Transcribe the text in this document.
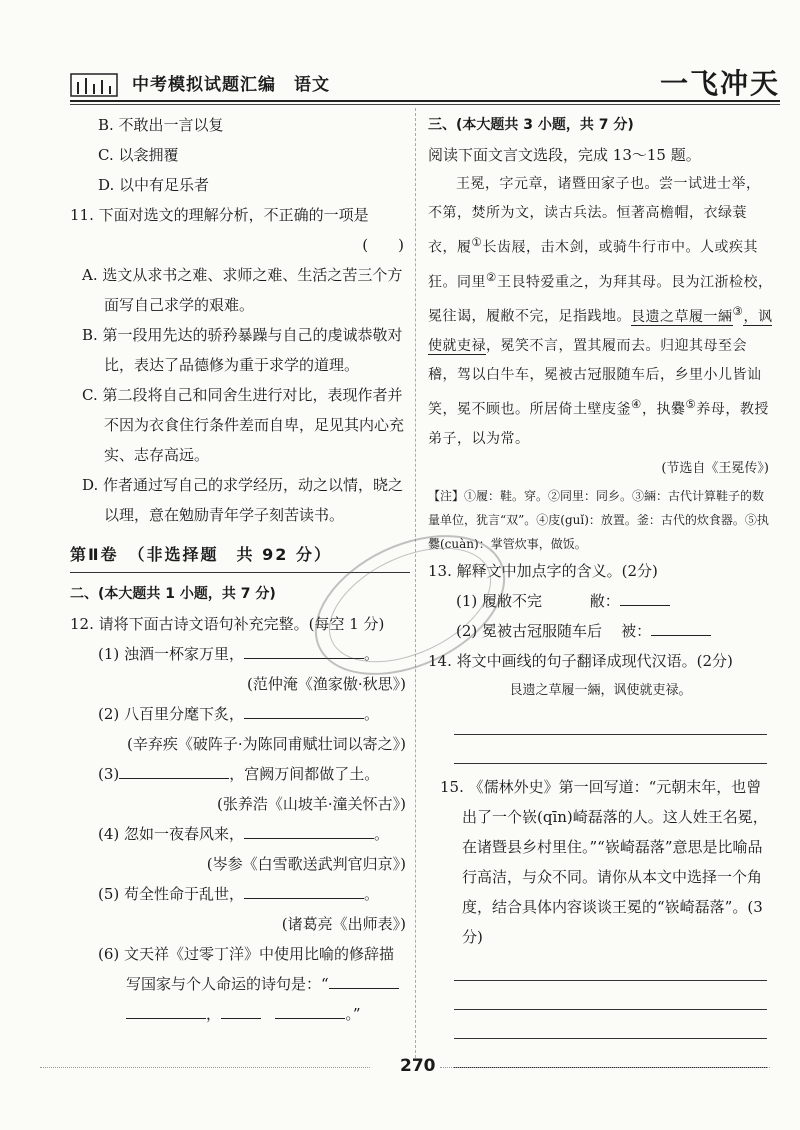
中考模拟试题汇编　语文	一飞冲天
B. 不敢出一言以复
C. 以衾拥覆
D. 以中有足乐者
11. 下面对选文的理解分析，不正确的一项是
(　　)
A. 选文从求书之难、求师之难、生活之苦三个方面写自己求学的艰难。
B. 第一段用先达的骄矜暴躁与自己的虔诚恭敬对比，表达了品德修为重于求学的道理。
C. 第二段将自己和同舍生进行对比，表现作者并不因为衣食住行条件差而自卑，足见其内心充实、志存高远。
D. 作者通过写自己的求学经历，动之以情，晓之以理，意在勉励青年学子刻苦读书。
第Ⅱ卷　（非选择题　共 92 分）
二、(本大题共 1 小题，共 7 分)
12. 请将下面古诗文语句补充完整。(每空 1 分)
(1) 浊酒一杯家万里，	。
(范仲淹《渔家傲·秋思》)
(2) 八百里分麾下炙，	。
(辛弃疾《破阵子·为陈同甫赋壮词以寄之》)
(3)	，宫阙万间都做了土。
(张养浩《山坡羊·潼关怀古》)
(4) 忽如一夜春风来，	。
(岑参《白雪歌送武判官归京》)
(5) 苟全性命于乱世，	。
(诸葛亮《出师表》)
(6) 文天祥《过零丁洋》中使用比喻的修辞描
写国家与个人命运的诗句是：“
，	。”
三、(本大题共 3 小题，共 7 分)
阅读下面文言文选段，完成 13～15 题。
王冕，字元章，诸暨田家子也。尝一试进士举，不第，焚所为文，读古兵法。恒著高檐帽，衣绿蓑衣，履①长齿屐，击木剑，或骑牛行市中。人或疾其狂。同里②王艮特爱重之，为拜其母。艮为江浙检校，冕往谒，履敝不完，足指践地。艮遗之草履一緉③，讽使就吏禄，冕笑不言，置其履而去。归迎其母至会稽，驾以白牛车，冕被古冠服随车后，乡里小儿皆讪笑，冕不顾也。所居倚土壁庋釜④，执爨⑤养母，教授弟子，以为常。
(节选自《王冕传》)
【注】①履：鞋。穿。②同里：同乡。③緉：古代计算鞋子的数量单位，犹言“双”。④庋(guǐ)：放置。釜：古代的炊食器。⑤执爨(cuàn)：掌管炊事，做饭。
13. 解释文中加点字的含义。(2分)
(1) 履敝不完	敝：
(2) 冕被古冠服随车后 被：
14. 将文中画线的句子翻译成现代汉语。(2分)
艮遗之草履一緉，讽使就吏禄。
15. 《儒林外史》第一回写道：“元朝末年，也曾出了一个嵚(qīn)崎磊落的人。这人姓王名冕，在诸暨县乡村里住。”“嵚崎磊落”意思是比喻品行高洁，与众不同。请你从本文中选择一个角度，结合具体内容谈谈王冕的“嵚崎磊落”。(3分)
270
